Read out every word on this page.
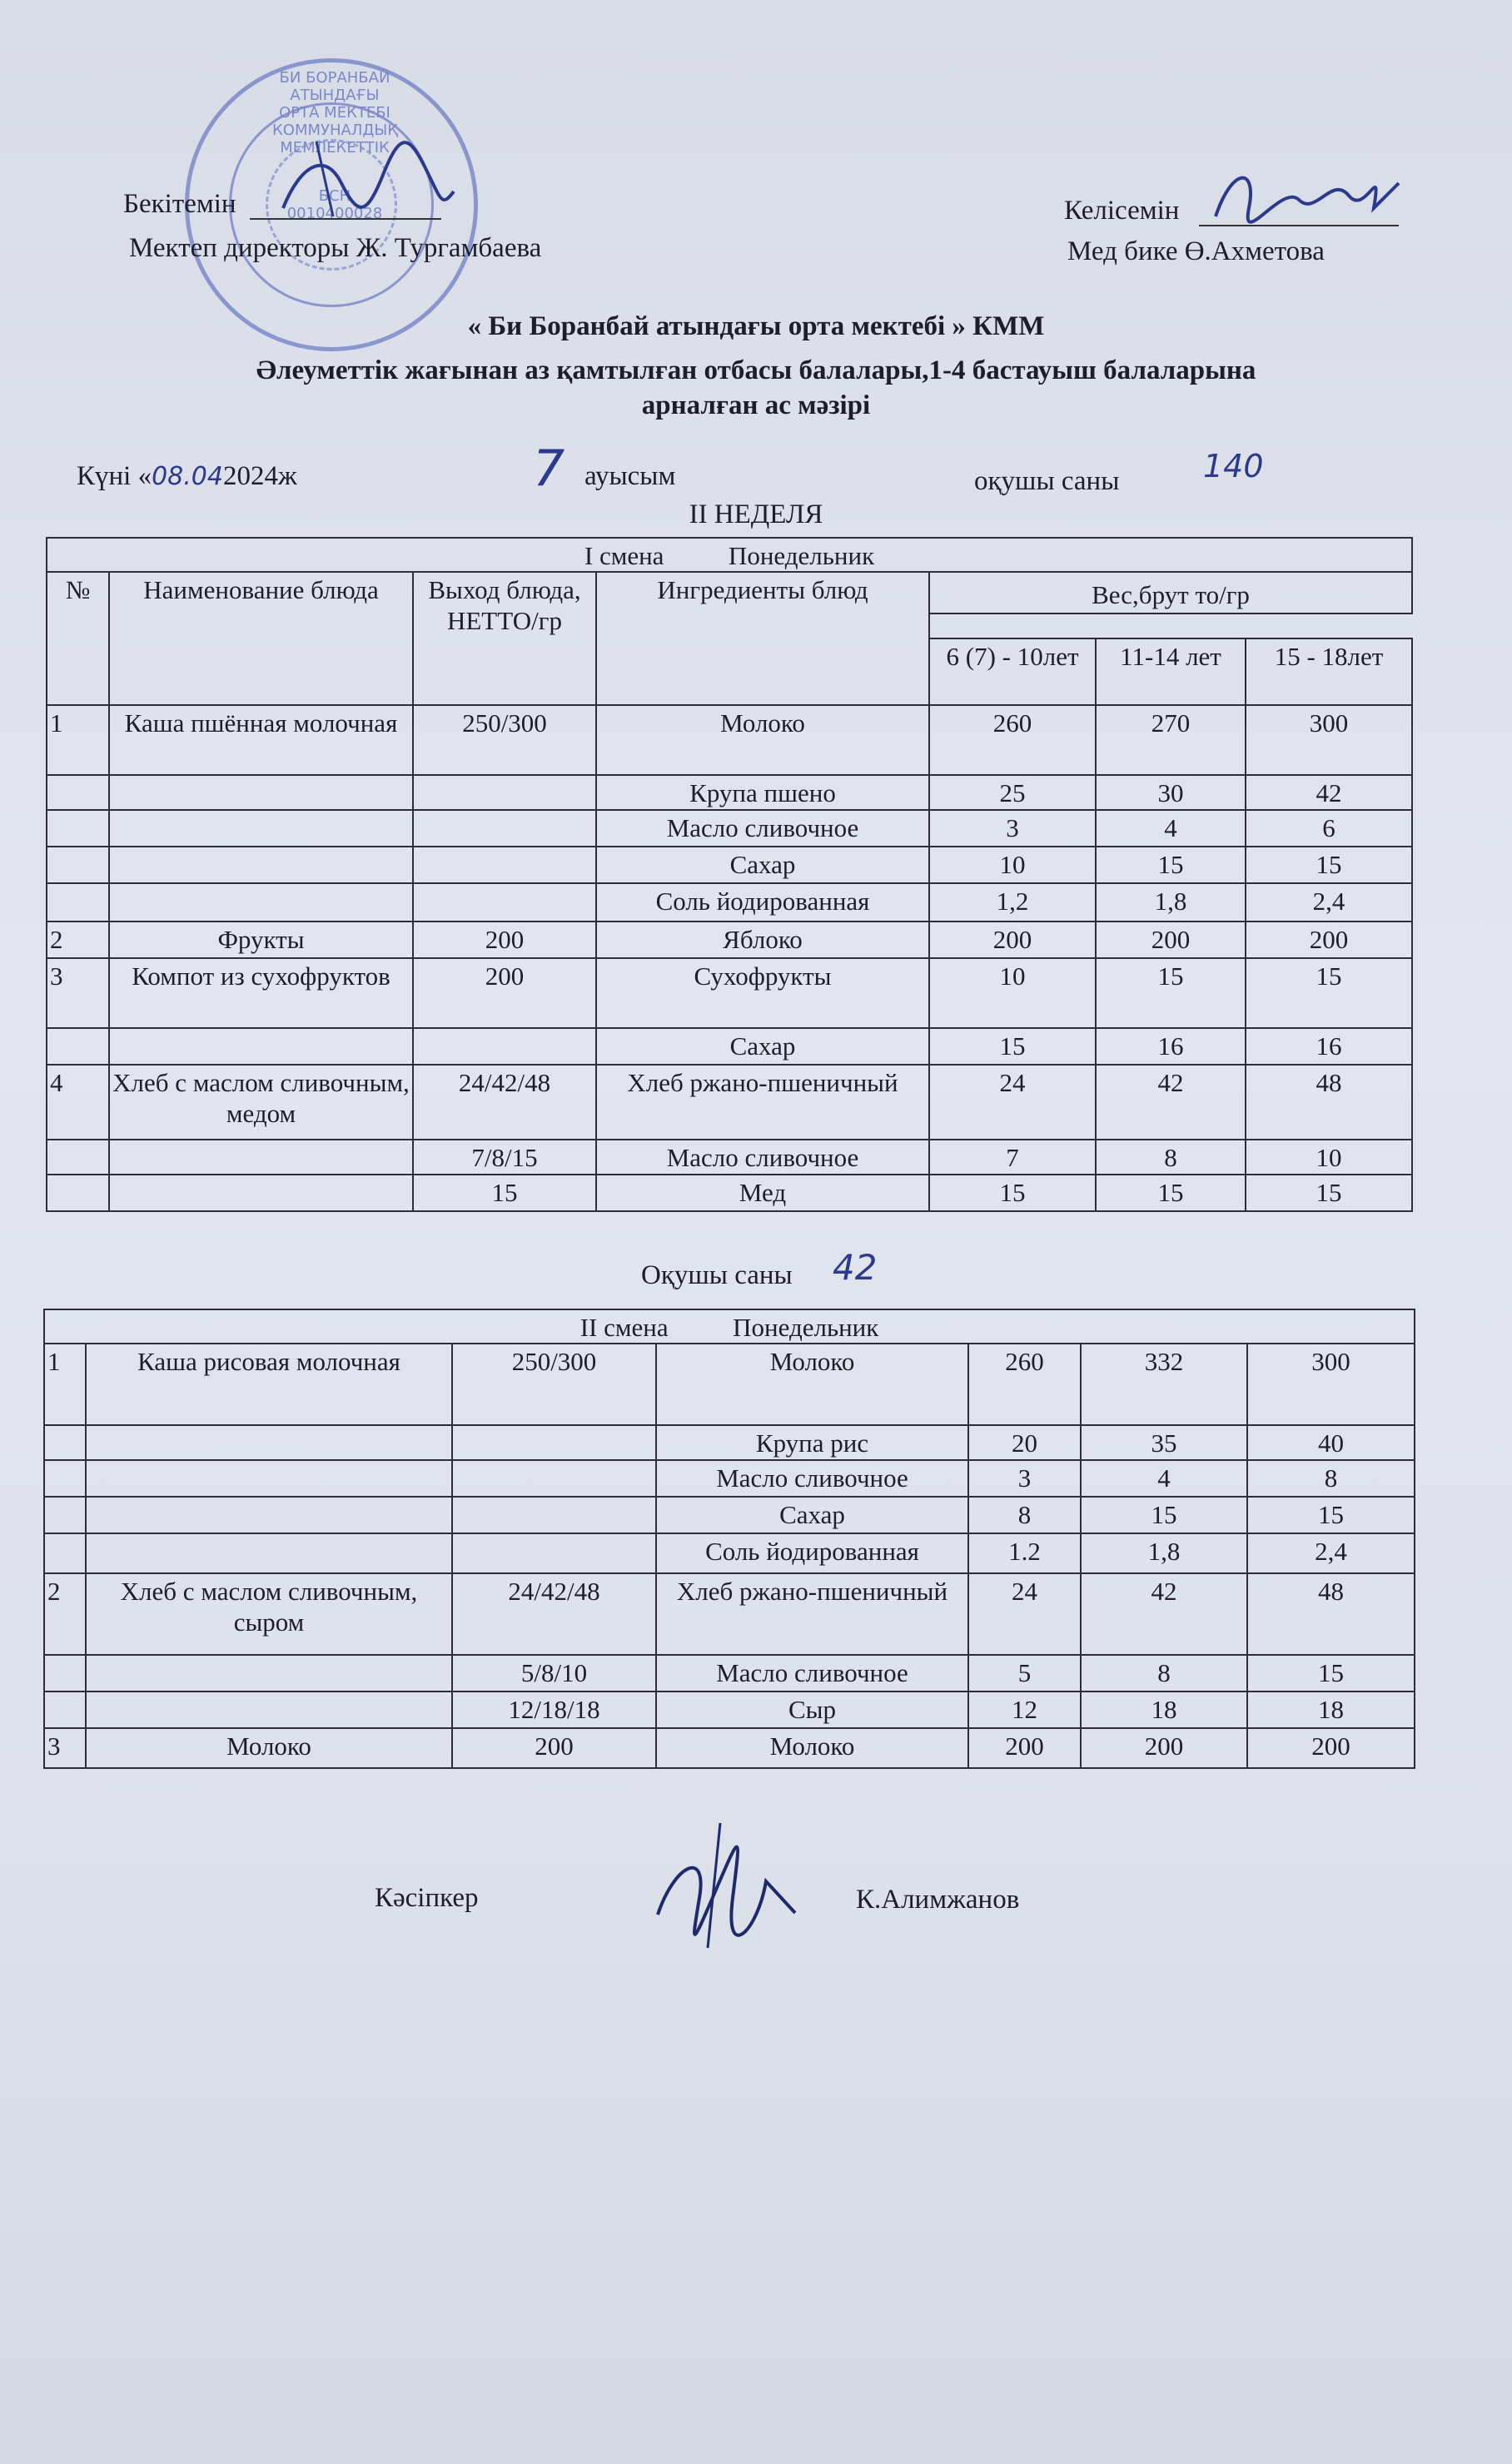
БИ БОРАНБАЙ АТЫНДАҒЫ ОРТА МЕКТЕБІ КОММУНАЛДЫҚ МЕМЛЕКЕТТІК
БСН 0010400028
Бекітемін
Мектеп директоры Ж. Тургамбаева
Келісемін
Мед бике Ө.Ахметова
« Би Боранбай атындағы орта мектебі » КММ
Әлеуметтік жағынан аз қамтылған отбасы балалары,1-4 бастауыш балаларына
арналған ас мәзірі
Күні «08.042024ж	7 ауысым	оқушы саны	140
II НЕДЕЛЯ
I смена          Понедельник						
№	Наименование блюда	Выход блюда, НЕТТО/гр	Ингредиенты блюд	Вес,брут то/гр		

				6 (7) - 10лет	11-14 лет	15 - 18лет
1	Каша пшённая молочная	250/300	Молоко	260	270	300
			Крупа пшено	25	30	42
			Масло сливочное	3	4	6
			Сахар	10	15	15
			Соль йодированная	1,2	1,8	2,4
2	Фрукты	200	Яблоко	200	200	200
3	Компот из сухофруктов	200	Сухофрукты	10	15	15
			Сахар	15	16	16
4	Хлеб с маслом сливочным, медом	24/42/48	Хлеб ржано-пшеничный	24	42	48
		7/8/15	Масло сливочное	7	8	10
		15	Мед	15	15	15
Оқушы саны 42
II смена          Понедельник						
1	Каша рисовая молочная	250/300	Молоко	260	332	300
			Крупа рис	20	35	40
			Масло сливочное	3	4	8
			Сахар	8	15	15
			Соль йодированная	1.2	1,8	2,4
2	Хлеб с маслом сливочным, сыром	24/42/48	Хлеб ржано-пшеничный	24	42	48
		5/8/10	Масло сливочное	5	8	15
		12/18/18	Сыр	12	18	18
3	Молоко	200	Молоко	200	200	200
Кәсіпкер	К.Алимжанов
